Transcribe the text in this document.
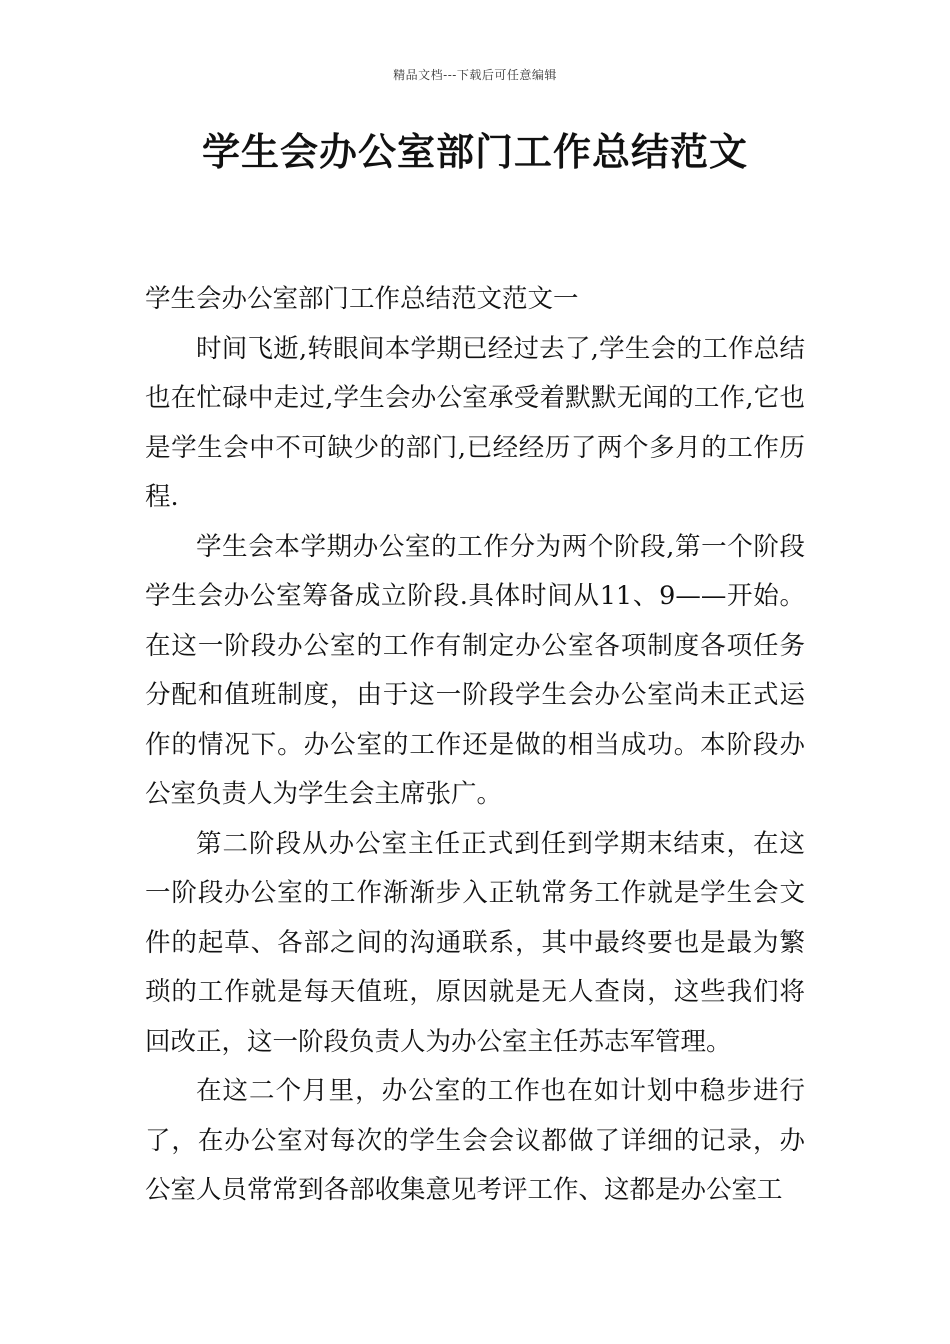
精品文档---下载后可任意编辑
学生会办公室部门工作总结范文

学生会办公室部门工作总结范文范文一

时间飞逝,转眼间本学期已经过去了,学生会的工作总结也在忙碌中走过,学生会办公室承受着默默无闻的工作,它也是学生会中不可缺少的部门,已经经历了两个多月的工作历程.

学生会本学期办公室的工作分为两个阶段,第一个阶段学生会办公室筹备成立阶段.具体时间从11、9——开始。在这一阶段办公室的工作有制定办公室各项制度各项任务分配和值班制度，由于这一阶段学生会办公室尚未正式运作的情况下。办公室的工作还是做的相当成功。本阶段办公室负责人为学生会主席张广。

第二阶段从办公室主任正式到任到学期末结束，在这一阶段办公室的工作渐渐步入正轨常务工作就是学生会文件的起草、各部之间的沟通联系，其中最终要也是最为繁琐的工作就是每天值班，原因就是无人查岗，这些我们将回改正，这一阶段负责人为办公室主任苏志军管理。

在这二个月里，办公室的工作也在如计划中稳步进行了，在办公室对每次的学生会会议都做了详细的记录，办公室人员常常到各部收集意见考评工作、这都是办公室工
